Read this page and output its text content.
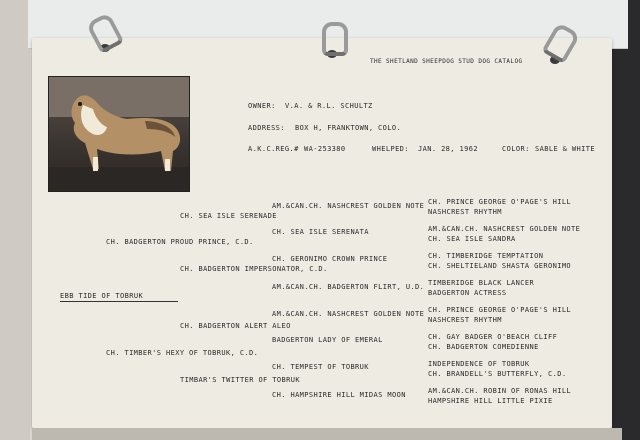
THE SHETLAND SHEEPDOG STUD DOG CATALOG
OWNER: V.A. & R.L. SCHULTZ
ADDRESS: BOX H, FRANKTOWN, COLO.
A.K.C.REG.# WA-253380	WHELPED: JAN. 28, 1962	COLOR: SABLE & WHITE
EBB TIDE OF TOBRUK
CH. BADGERTON PROUD PRINCE, C.D.
CH. TIMBER'S HEXY OF TOBRUK, C.D.
CH. SEA ISLE SERENADE
CH. BADGERTON IMPERSONATOR, C.D.
CH. BADGERTON ALERT ALEO
TIMBAR'S TWITTER OF TOBRUK
AM.&CAN.CH. NASHCREST GOLDEN NOTE
CH. SEA ISLE SERENATA
CH. GERONIMO CROWN PRINCE
AM.&CAN.CH. BADGERTON FLIRT, U.D.
AM.&CAN.CH. NASHCREST GOLDEN NOTE
BADGERTON LADY OF EMERAL
CH. TEMPEST OF TOBRUK
CH. HAMPSHIRE HILL MIDAS MOON
CH. PRINCE GEORGE O'PAGE'S HILL
NASHCREST RHYTHM
AM.&CAN.CH. NASHCREST GOLDEN NOTE
CH. SEA ISLE SANDRA
CH. TIMBERIDGE TEMPTATION
CH. SHELTIELAND SHASTA GERONIMO
TIMBERIDGE BLACK LANCER
BADGERTON ACTRESS
CH. PRINCE GEORGE O'PAGE'S HILL
NASHCREST RHYTHM
CH. GAY BADGER O'BEACH CLIFF
CH. BADGERTON COMEDIENNE
INDEPENDENCE OF TOBRUK
CH. BRANDELL'S BUTTERFLY, C.D.
AM.&CAN.CH. ROBIN OF RONAS HILL
HAMPSHIRE HILL LITTLE PIXIE
